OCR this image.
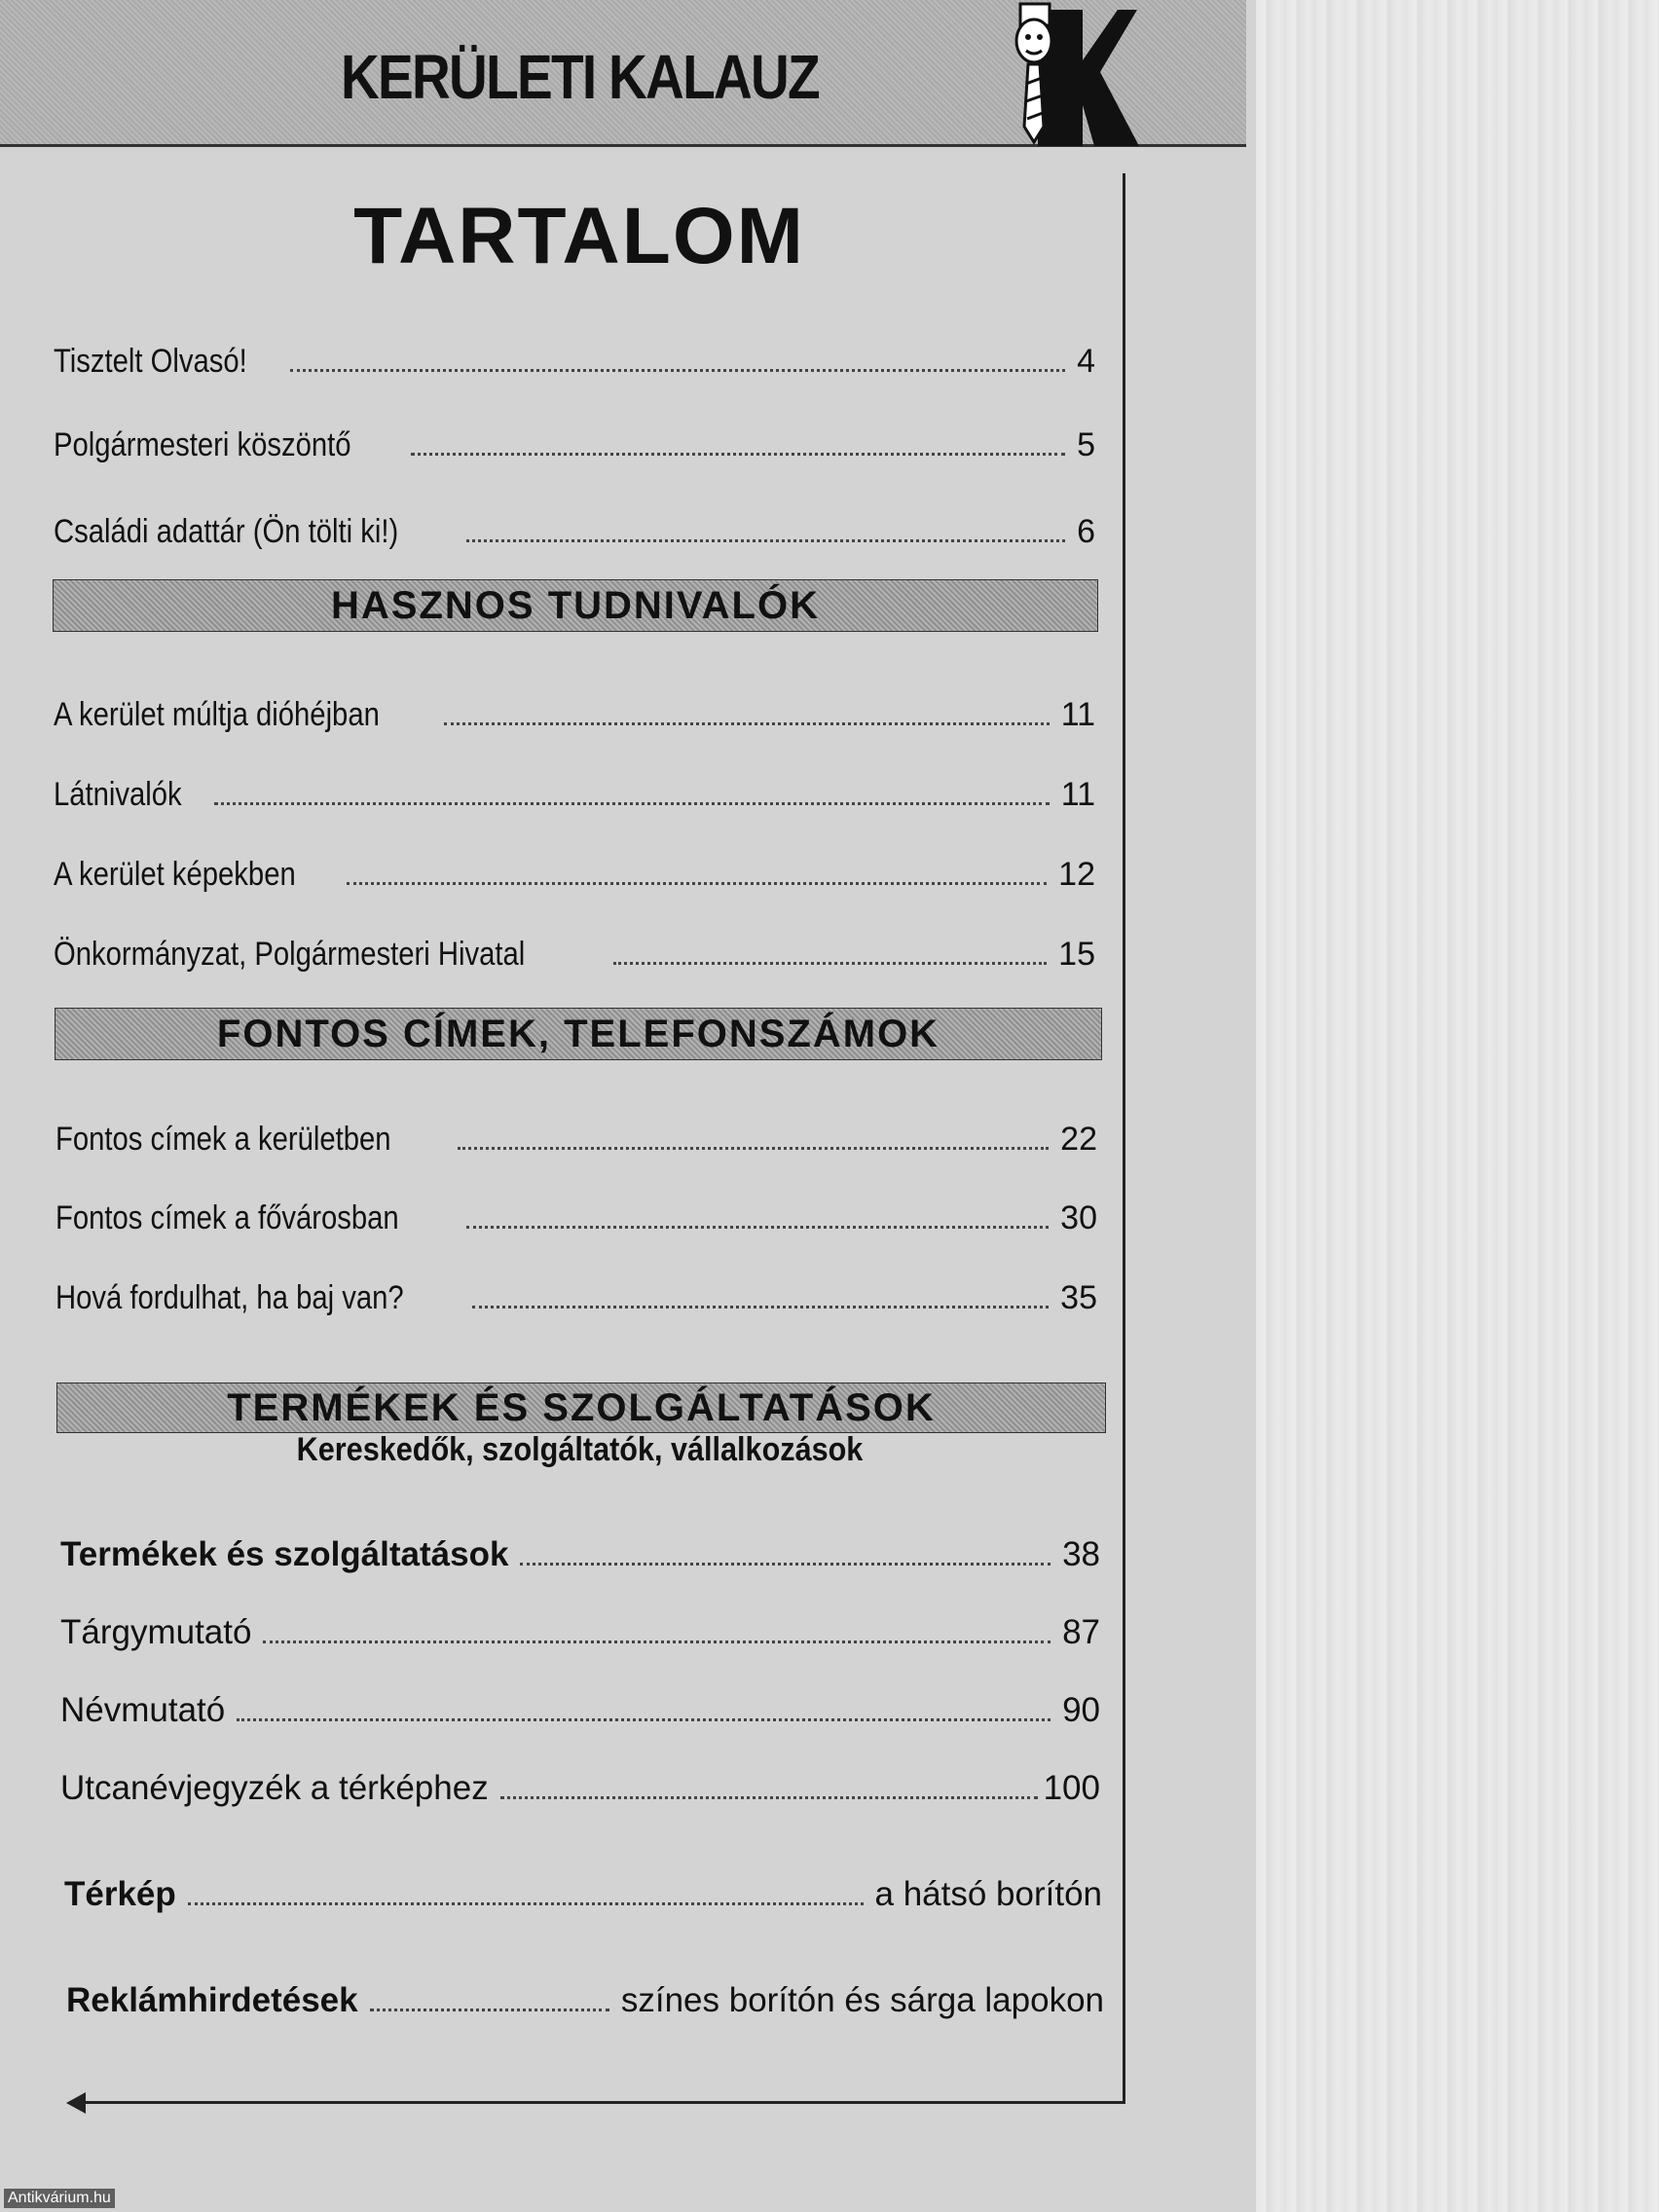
KERÜLETI KALAUZ
TARTALOM
Tisztelt Olvasó!	4
Polgármesteri köszöntő	5
Családi adattár (Ön tölti ki!)	6
HASZNOS TUDNIVALÓK
A kerület múltja dióhéjban	11
Látnivalók	11
A kerület képekben	12
Önkormányzat, Polgármesteri Hivatal	15
FONTOS CÍMEK, TELEFONSZÁMOK
Fontos címek a kerületben	22
Fontos címek a fővárosban	30
Hová fordulhat, ha baj van?	35
TERMÉKEK ÉS SZOLGÁLTATÁSOK
Kereskedők, szolgáltatók, vállalkozások
Termékek és szolgáltatások	38
Tárgymutató	87
Névmutató	90
Utcanévjegyzék a térképhez	100
Térkép	a hátsó borítón
Reklámhirdetések	színes borítón és sárga lapokon
Antikvárium.hu
